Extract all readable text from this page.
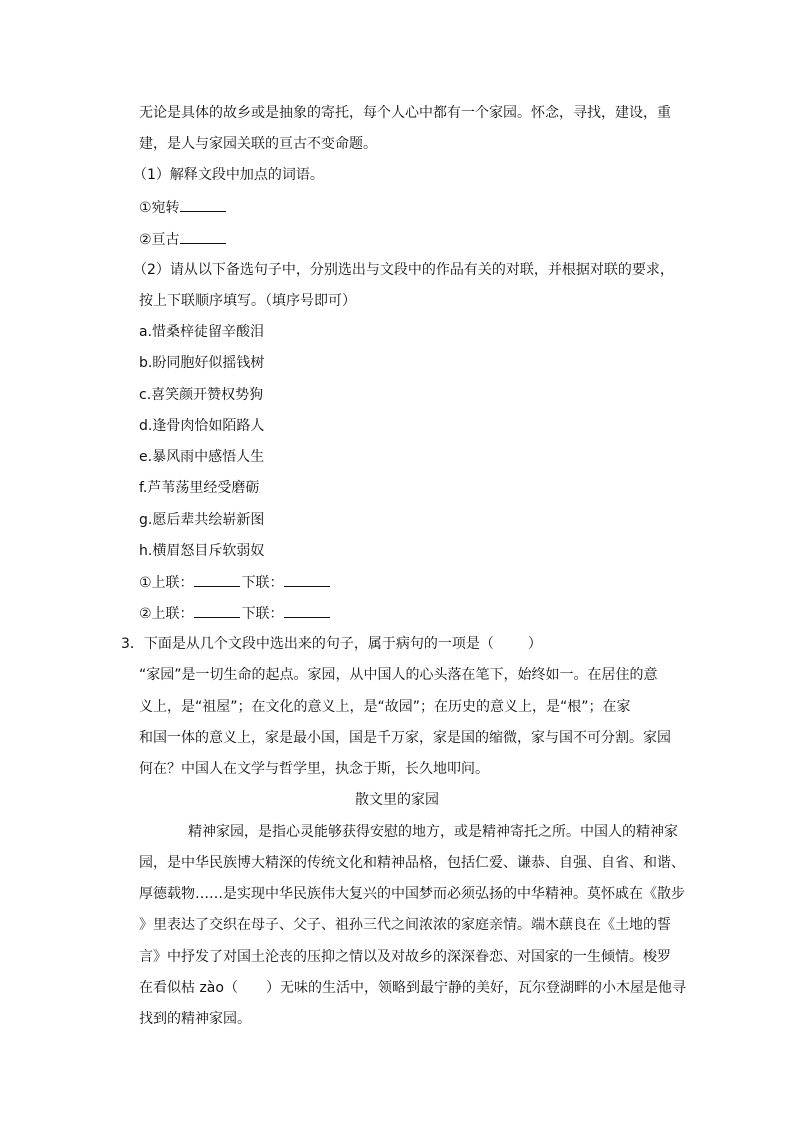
无论是具体的故乡或是抽象的寄托，每个人心中都有一个家园。怀念，寻找，建设，重
建，是人与家园关联的亘古不变命题。
（1）解释文段中加点的词语。
①宛转
②亘古
（2）请从以下备选句子中，分别选出与文段中的作品有关的对联，并根据对联的要求，
按上下联顺序填写。（填序号即可）
a.惜桑梓徒留辛酸泪
b.盼同胞好似摇钱树
c.喜笑颜开赞权势狗
d.逢骨肉恰如陌路人
e.暴风雨中感悟人生
f.芦苇荡里经受磨砺
g.愿后辈共绘崭新图
h.横眉怒目斥软弱奴
①上联：	下联：
②上联：	下联：
3．下面是从几个文段中选出来的句子，属于病句的一项是（ ）
“家园”是一切生命的起点。家园，从中国人的心头落在笔下，始终如一。在居住的意
义上，是“祖屋”；在文化的意义上，是“故园”；在历史的意义上，是“根”；在家
和国一体的意义上，家是最小国，国是千万家，家是国的缩微，家与国不可分割。家园
何在？中国人在文学与哲学里，执念于斯，长久地叩问。
散文里的家园
精神家园，是指心灵能够获得安慰的地方，或是精神寄托之所。中国人的精神家
园，是中华民族博大精深的传统文化和精神品格，包括仁爱、谦恭、自强、自省、和谐、
厚德载物……是实现中华民族伟大复兴的中国梦而必须弘扬的中华精神。莫怀戚在《散步
》里表达了交织在母子、父子、祖孙三代之间浓浓的家庭亲情。端木蕻良在《土地的誓
言》中抒发了对国土沦丧的压抑之情以及对故乡的深深眷恋、对国家的一生倾情。梭罗
在看似枯 zào（　　）无味的生活中，领略到最宁静的美好，瓦尔登湖畔的小木屋是他寻
找到的精神家园。
